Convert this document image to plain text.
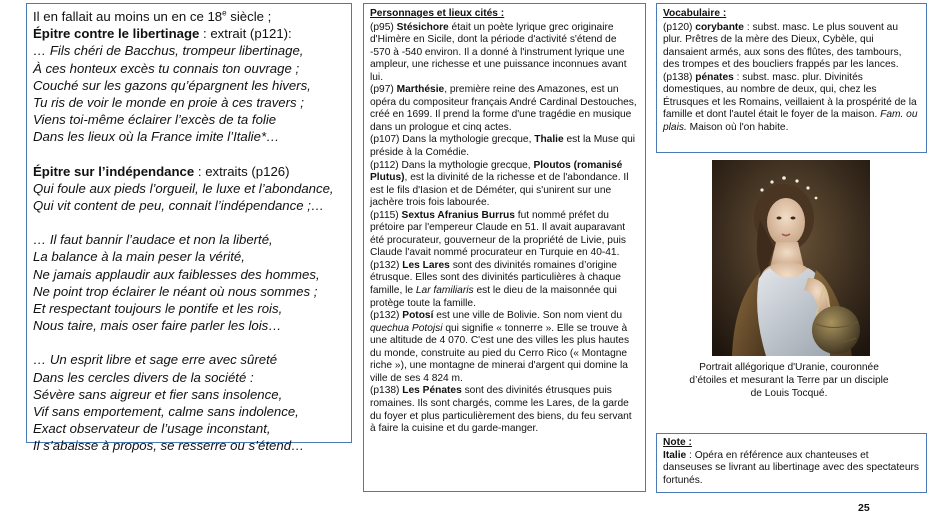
Il en fallait au moins un en ce 18e siècle ;

Épitre contre le libertinage : extrait (p121):

… Fils chéri de Bacchus, trompeur libertinage,

À ces honteux excès tu connais ton ouvrage ;

Couché sur les gazons qu’épargnent les hivers,

Tu ris de voir le monde en proie à ces travers ;

Viens toi-même éclairer l’excès de ta folie

Dans les lieux où la France imite l’Italie*…

Épitre sur l’indépendance : extraits (p126)

Qui foule aux pieds l’orgueil, le luxe et l’abondance,

Qui vit content de peu, connait l’indépendance ;…

… Il faut bannir l’audace et non la liberté,

La balance à la main peser la vérité,

Ne jamais applaudir aux faiblesses des hommes,

Ne point trop éclairer le néant où nous sommes ;

Et respectant toujours le pontife et les rois,

Nous taire, mais oser faire parler les lois…

… Un esprit libre et sage erre avec sûreté

Dans les cercles divers de la société :

Sévère sans aigreur et fier sans insolence,

Vif sans emportement, calme sans indolence,

Exact observateur de l’usage inconstant,

Il s’abaisse à propos, se resserre ou s’étend…

Personnages et lieux cités :

(p95) Stésichore était un poète lyrique grec originaire d'Himère en Sicile, dont la période d'activité s'étend de -570 à -540 environ. Il a donné à l'instrument lyrique une ampleur, une richesse et une puissance inconnues avant lui.

(p97) Marthésie, première reine des Amazones, est un opéra du compositeur français André Cardinal Destouches, créé en 1699. Il prend la forme d'une tragédie en musique dans un prologue et cinq actes.

(p107) Dans la mythologie grecque, Thalie est la Muse qui préside à la Comédie.

(p112) Dans la mythologie grecque, Ploutos (romanisé Plutus), est la divinité de la richesse et de l'abondance. Il est le fils d'Iasion et de Déméter, qui s'unirent sur une jachère trois fois labourée.

(p115) Sextus Afranius Burrus fut nommé préfet du prétoire par l'empereur Claude en 51. Il avait auparavant été procurateur, gouverneur de la propriété de Livie, puis Claude l'avait nommé procurateur en Turquie en 40-41.

(p132) Les Lares sont des divinités romaines d’origine étrusque. Elles sont des divinités particulières à chaque famille, le Lar familiaris est le dieu de la maisonnée qui protège toute la famille.

(p132) Potosí est une ville de Bolivie. Son nom vient du quechua Potojsi qui signifie « tonnerre ». Elle se trouve à une altitude de 4 070. C'est une des villes les plus hautes du monde, construite au pied du Cerro Rico (« Montagne riche »), une montagne de minerai d'argent qui domine la ville de ses 4 824 m.

(p138) Les Pénates sont des divinités étrusques puis romaines. Ils sont chargés, comme les Lares, de la garde du foyer et plus particulièrement des biens, du feu servant à faire la cuisine et du garde-manger.

Vocabulaire :

(p120) corybante : subst. masc. Le plus souvent au plur. Prêtres de la mère des Dieux, Cybèle, qui dansaient armés, aux sons des flûtes, des tambours, des trompes et des boucliers frappés par les lances.

(p138) pénates : subst. masc. plur. Divinités domestiques, au nombre de deux, qui, chez les Étrusques et les Romains, veillaient à la prospérité de la famille et dont l'autel était le foyer de la maison. Fam. ou plais. Maison où l'on habite.

Portrait allégorique d'Uranie, couronnée d’étoiles et mesurant la Terre par un disciple de Louis Tocqué.

Note :

Italie : Opéra en référence aux chanteuses et danseuses se livrant au libertinage avec des spectateurs fortunés.

25
